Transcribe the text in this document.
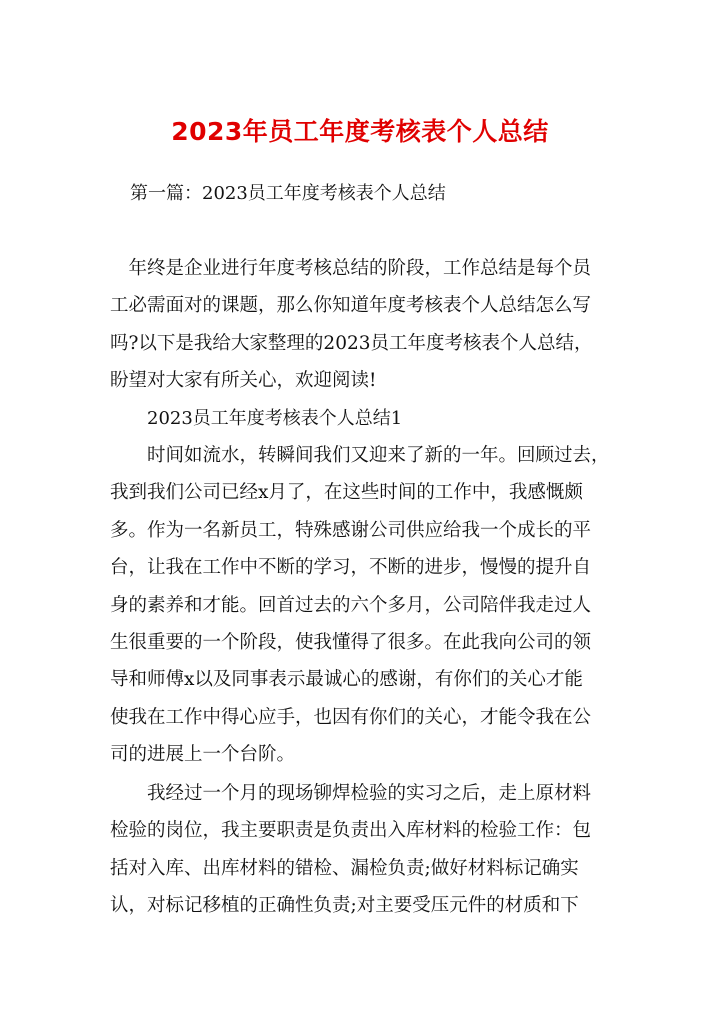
2023年员工年度考核表个人总结
第一篇：2023员工年度考核表个人总结
　年终是企业进行年度考核总结的阶段，工作总结是每个员
工必需面对的课题，那么你知道年度考核表个人总结怎么写
吗?以下是我给大家整理的2023员工年度考核表个人总结，
盼望对大家有所关心，欢迎阅读!
2023员工年度考核表个人总结1
　　时间如流水，转瞬间我们又迎来了新的一年。回顾过去，
我到我们公司已经x月了，在这些时间的工作中，我感慨颇
多。作为一名新员工，特殊感谢公司供应给我一个成长的平
台，让我在工作中不断的学习，不断的进步，慢慢的提升自
身的素养和才能。回首过去的六个多月，公司陪伴我走过人
生很重要的一个阶段，使我懂得了很多。在此我向公司的领
导和师傅x以及同事表示最诚心的感谢，有你们的关心才能
使我在工作中得心应手，也因有你们的关心，才能令我在公
司的进展上一个台阶。
　　我经过一个月的现场铆焊检验的实习之后，走上原材料
检验的岗位，我主要职责是负责出入库材料的检验工作：包
括对入库、出库材料的错检、漏检负责;做好材料标记确实
认，对标记移植的正确性负责;对主要受压元件的材质和下
